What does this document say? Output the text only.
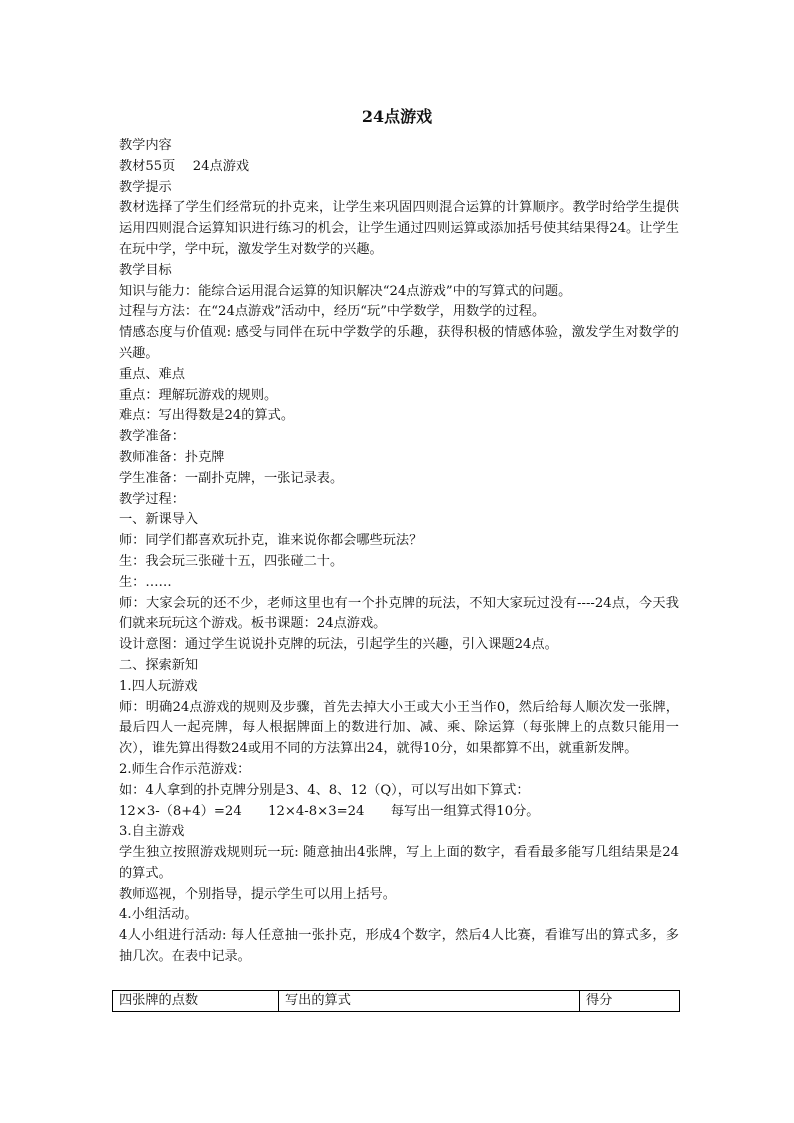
24点游戏

教学内容

教材55页　 24点游戏

教学提示

教材选择了学生们经常玩的扑克来，让学生来巩固四则混合运算的计算顺序。教学时给学生提供运用四则混合运算知识进行练习的机会，让学生通过四则运算或添加括号使其结果得24。让学生在玩中学，学中玩，激发学生对数学的兴趣。

教学目标

知识与能力：能综合运用混合运算的知识解决“24点游戏”中的写算式的问题。

过程与方法：在“24点游戏”活动中，经历“玩”中学数学，用数学的过程。

情感态度与价值观: 感受与同伴在玩中学数学的乐趣，获得积极的情感体验，激发学生对数学的兴趣。

重点、难点

重点：理解玩游戏的规则。

难点：写出得数是24的算式。

教学准备：

教师准备：扑克牌

学生准备：一副扑克牌，一张记录表。

教学过程：

一、新课导入

师：同学们都喜欢玩扑克，谁来说你都会哪些玩法？

生：我会玩三张碰十五，四张碰二十。

生：……

师：大家会玩的还不少，老师这里也有一个扑克牌的玩法，不知大家玩过没有----24点，今天我们就来玩玩这个游戏。板书课题：24点游戏。

设计意图：通过学生说说扑克牌的玩法，引起学生的兴趣，引入课题24点。

二、探索新知

1.四人玩游戏

师：明确24点游戏的规则及步骤，首先去掉大小王或大小王当作0，然后给每人顺次发一张牌，最后四人一起亮牌，每人根据牌面上的数进行加、减、乘、除运算（每张牌上的点数只能用一次），谁先算出得数24或用不同的方法算出24，就得10分，如果都算不出，就重新发牌。

2.师生合作示范游戏：

如：4人拿到的扑克牌分别是3、4、8、12（Q），可以写出如下算式：

12×3-（8+4）=24　　12×4-8×3=24　　每写出一组算式得10分。

3.自主游戏

学生独立按照游戏规则玩一玩: 随意抽出4张牌，写上上面的数字，看看最多能写几组结果是24的算式。

教师巡视，个别指导，提示学生可以用上括号。

4.小组活动。

4人小组进行活动: 每人任意抽一张扑克，形成4个数字，然后4人比赛，看谁写出的算式多，多抽几次。在表中记录。

四张牌的点数	写出的算式	得分
